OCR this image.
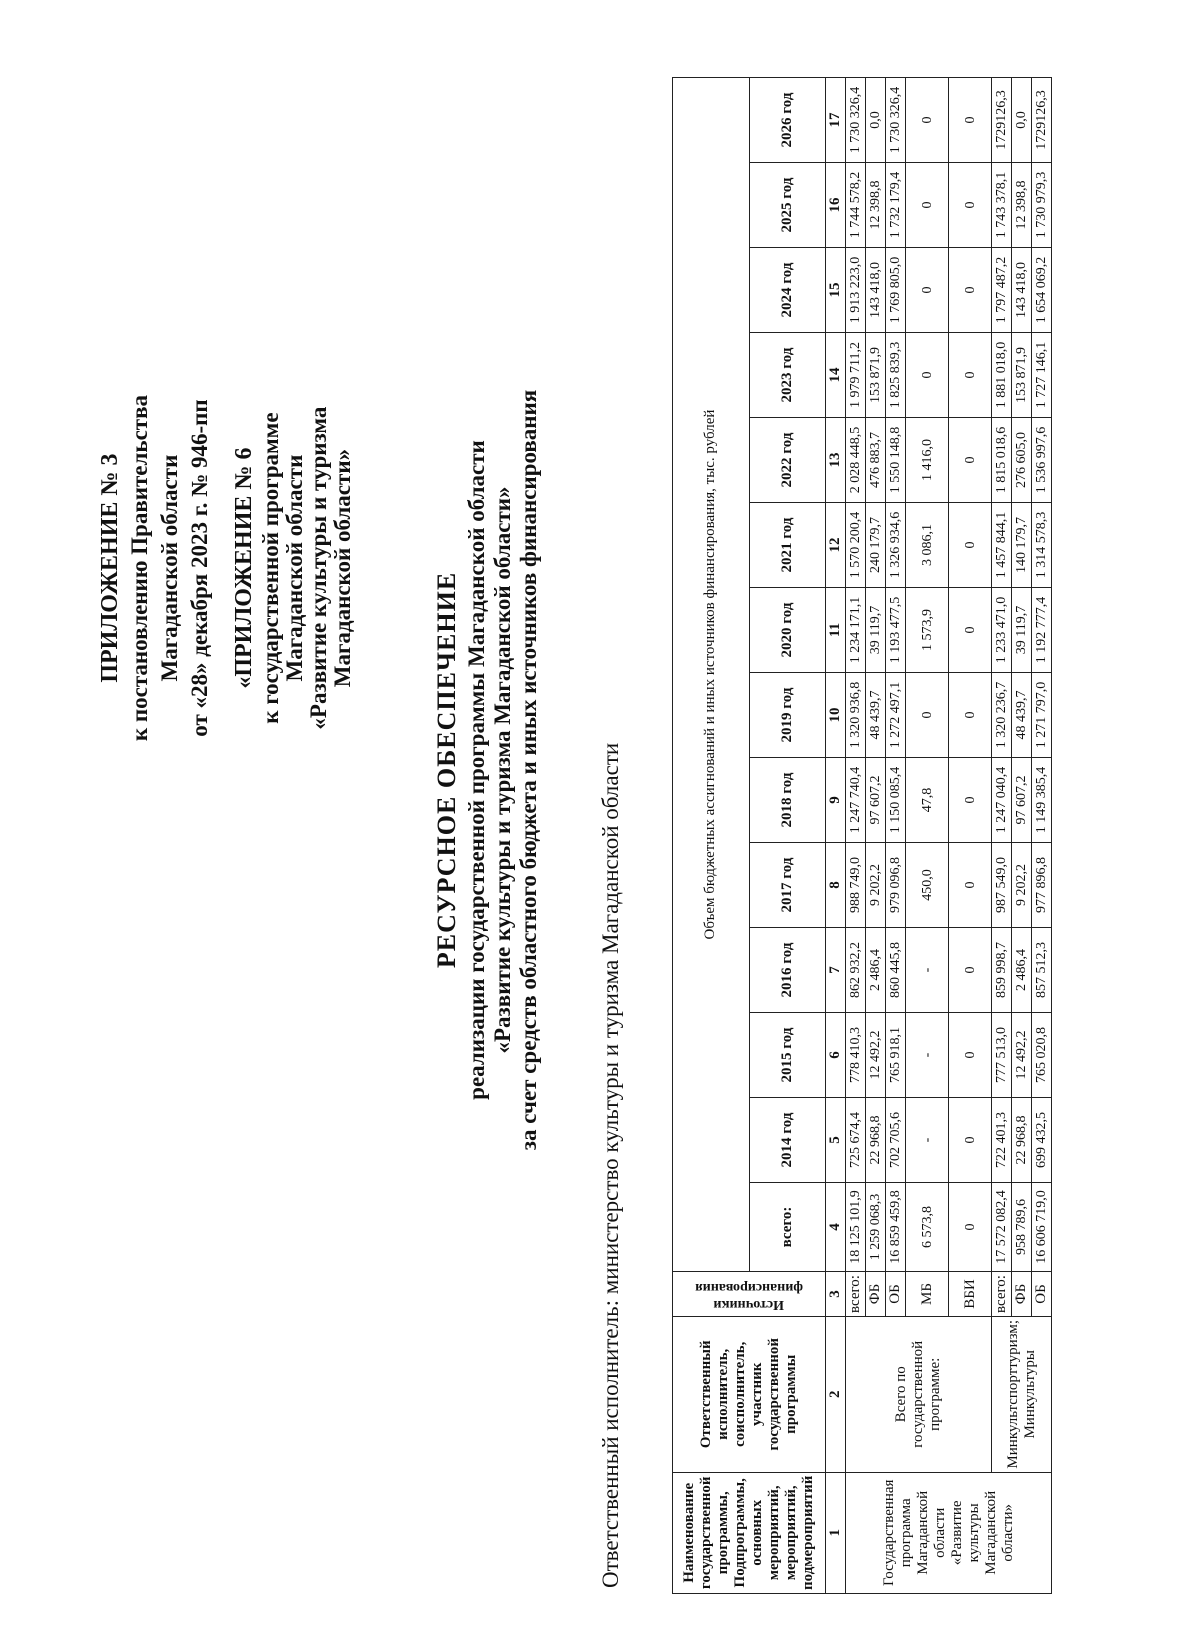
ПРИЛОЖЕНИЕ № 3 к постановлению Правительства Магаданской области от «28» декабря 2023 г. № 946-пп «ПРИЛОЖЕНИЕ № 6 к государственной программе Магаданской области «Развитие культуры и туризма Магаданской области»
РЕСУРСНОЕ ОБЕСПЕЧЕНИЕ реализации государственной программы Магаданской области «Развитие культуры и туризма Магаданской области» за счет средств областного бюджета и иных источников финансирования Ответственный исполнитель: министерство культуры и туризма Магаданской области	Наименование государственной программы, Подпрограммы, основных мероприятий, мероприятий, подмероприятий	Ответственный исполнитель, соисполнитель, участник государственной программы	Источники финансирования	Объем бюджетных ассигнований и иных источников финансирования, тыс. рублей													
			всего:	2014 год	2015 год	2016 год	2017 год	2018 год	2019 год	2020 год	2021 год	2022 год	2023 год	2024 год	2025 год	2026 год
1	2	3	4	5	6	7	8	9	10	11	12	13	14	15	16	17
Государственная программа Магаданской области «Развитие культуры Магаданской области»	Всего по государственной программе:	всего:	18 125 101,9	725 674,4	778 410,3	862 932,2	988 749,0	1 247 740,4	1 320 936,8	1 234 171,1	1 570 200,4	2 028 448,5	1 979 711,2	1 913 223,0	1 744 578,2	1 730 326,4
		ФБ	1 259 068,3	22 968,8	12 492,2	2 486,4	9 202,2	97 607,2	48 439,7	39 119,7	240 179,7	476 883,7	153 871,9	143 418,0	12 398,8	0,0
		ОБ	16 859 459,8	702 705,6	765 918,1	860 445,8	979 096,8	1 150 085,4	1 272 497,1	1 193 477,5	1 326 934,6	1 550 148,8	1 825 839,3	1 769 805,0	1 732 179,4	1 730 326,4
		МБ	6 573,8	-	-	-	450,0	47,8	0	1 573,9	3 086,1	1 416,0	0	0	0	0
		ВБИ	0	0	0	0	0	0	0	0	0	0	0	0	0	0
	Минкультспорттуризм; Минкультуры	всего:	17 572 082,4	722 401,3	777 513,0	859 998,7	987 549,0	1 247 040,4	1 320 236,7	1 233 471,0	1 457 844,1	1 815 018,6	1 881 018,0	1 797 487,2	1 743 378,1	1729126,3
		ФБ	958 789,6	22 968,8	12 492,2	2 486,4	9 202,2	97 607,2	48 439,7	39 119,7	140 179,7	276 605,0	153 871,9	143 418,0	12 398,8	0,0
		ОБ	16 606 719,0	699 432,5	765 020,8	857 512,3	977 896,8	1 149 385,4	1 271 797,0	1 192 777,4	1 314 578,3	1 536 997,6	1 727 146,1	1 654 069,2	1 730 979,3	1729126,3
